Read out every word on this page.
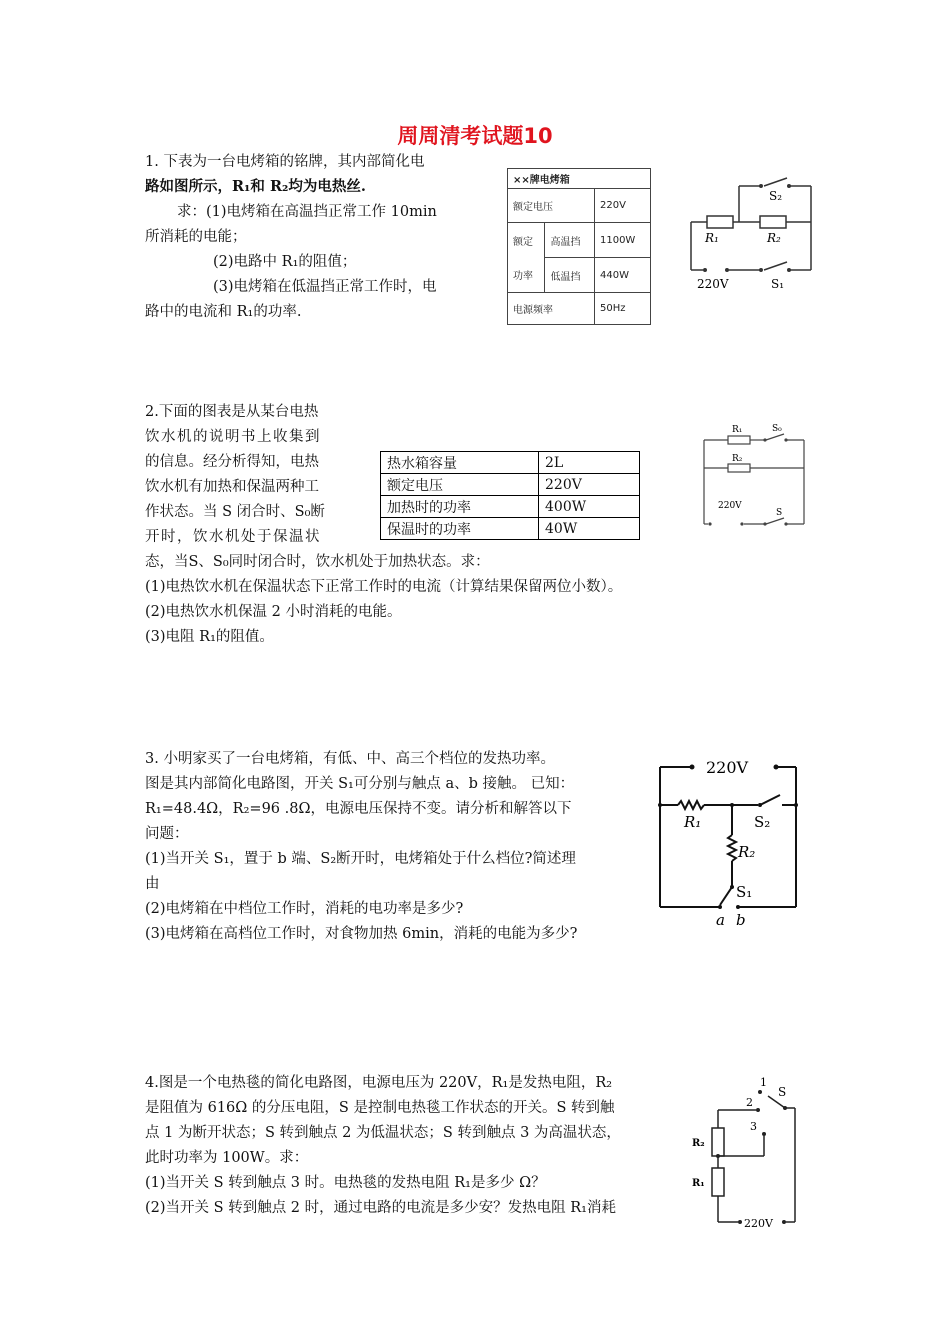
周周清考试题10
1. 下表为一台电烤箱的铭牌，其内部简化电
路如图所示，R₁和 R₂均为电热丝.
求：(1)电烤箱在高温挡正常工作 10min
所消耗的电能；
(2)电路中 R₁的阻值；
(3)电烤箱在低温挡正常工作时，电
路中的电流和 R₁的功率.
××牌电烤箱		
额定电压		220V
额定	高温挡	1100W
功率	低温挡	440W
电源频率		50Hz
S₂
R₁	R₂
220V	S₁
2.下面的图表是从某台电热
饮水机的说明书上收集到
的信息。经分析得知，电热
饮水机有加热和保温两种工
作状态。当 S 闭合时、S₀断
开时，饮水机处于保温状
态，当S、S₀同时闭合时，饮水机处于加热状态。求：
(1)电热饮水机在保温状态下正常工作时的电流（计算结果保留两位小数）。
(2)电热饮水机保温 2 小时消耗的电能。
(3)电阻 R₁的阻值。
热水箱容量	2L
额定电压	220V
加热时的功率	400W
保温时的功率	40W
R₁	S₀
R₂
220V
S
3. 小明家买了一台电烤箱，有低、中、高三个档位的发热功率。
图是其内部简化电路图，开关 S₁可分别与触点 a、b 接触。 已知：
R₁=48.4Ω，R₂=96 .8Ω，电源电压保持不变。请分析和解答以下
问题：
(1)当开关 S₁，置于 b 端、S₂断开时，电烤箱处于什么档位?简述理
由
(2)电烤箱在中档位工作时，消耗的电功率是多少?
(3)电烤箱在高档位工作时，对食物加热 6min，消耗的电能为多少?
220V
R₁	S₂
R₂
S₁
a b
4.图是一个电热毯的简化电路图，电源电压为 220V，R₁是发热电阻，R₂
是阻值为 616Ω 的分压电阻，S 是控制电热毯工作状态的开关。S 转到触
点 1 为断开状态；S 转到触点 2 为低温状态；S 转到触点 3 为高温状态，
此时功率为 100W。求：
(1)当开关 S 转到触点 3 时。电热毯的发热电阻 R₁是多少 Ω？
(2)当开关 S 转到触点 2 时，通过电路的电流是多少安？发热电阻 R₁消耗
1
S
2
3
R₂
R₁
220V
